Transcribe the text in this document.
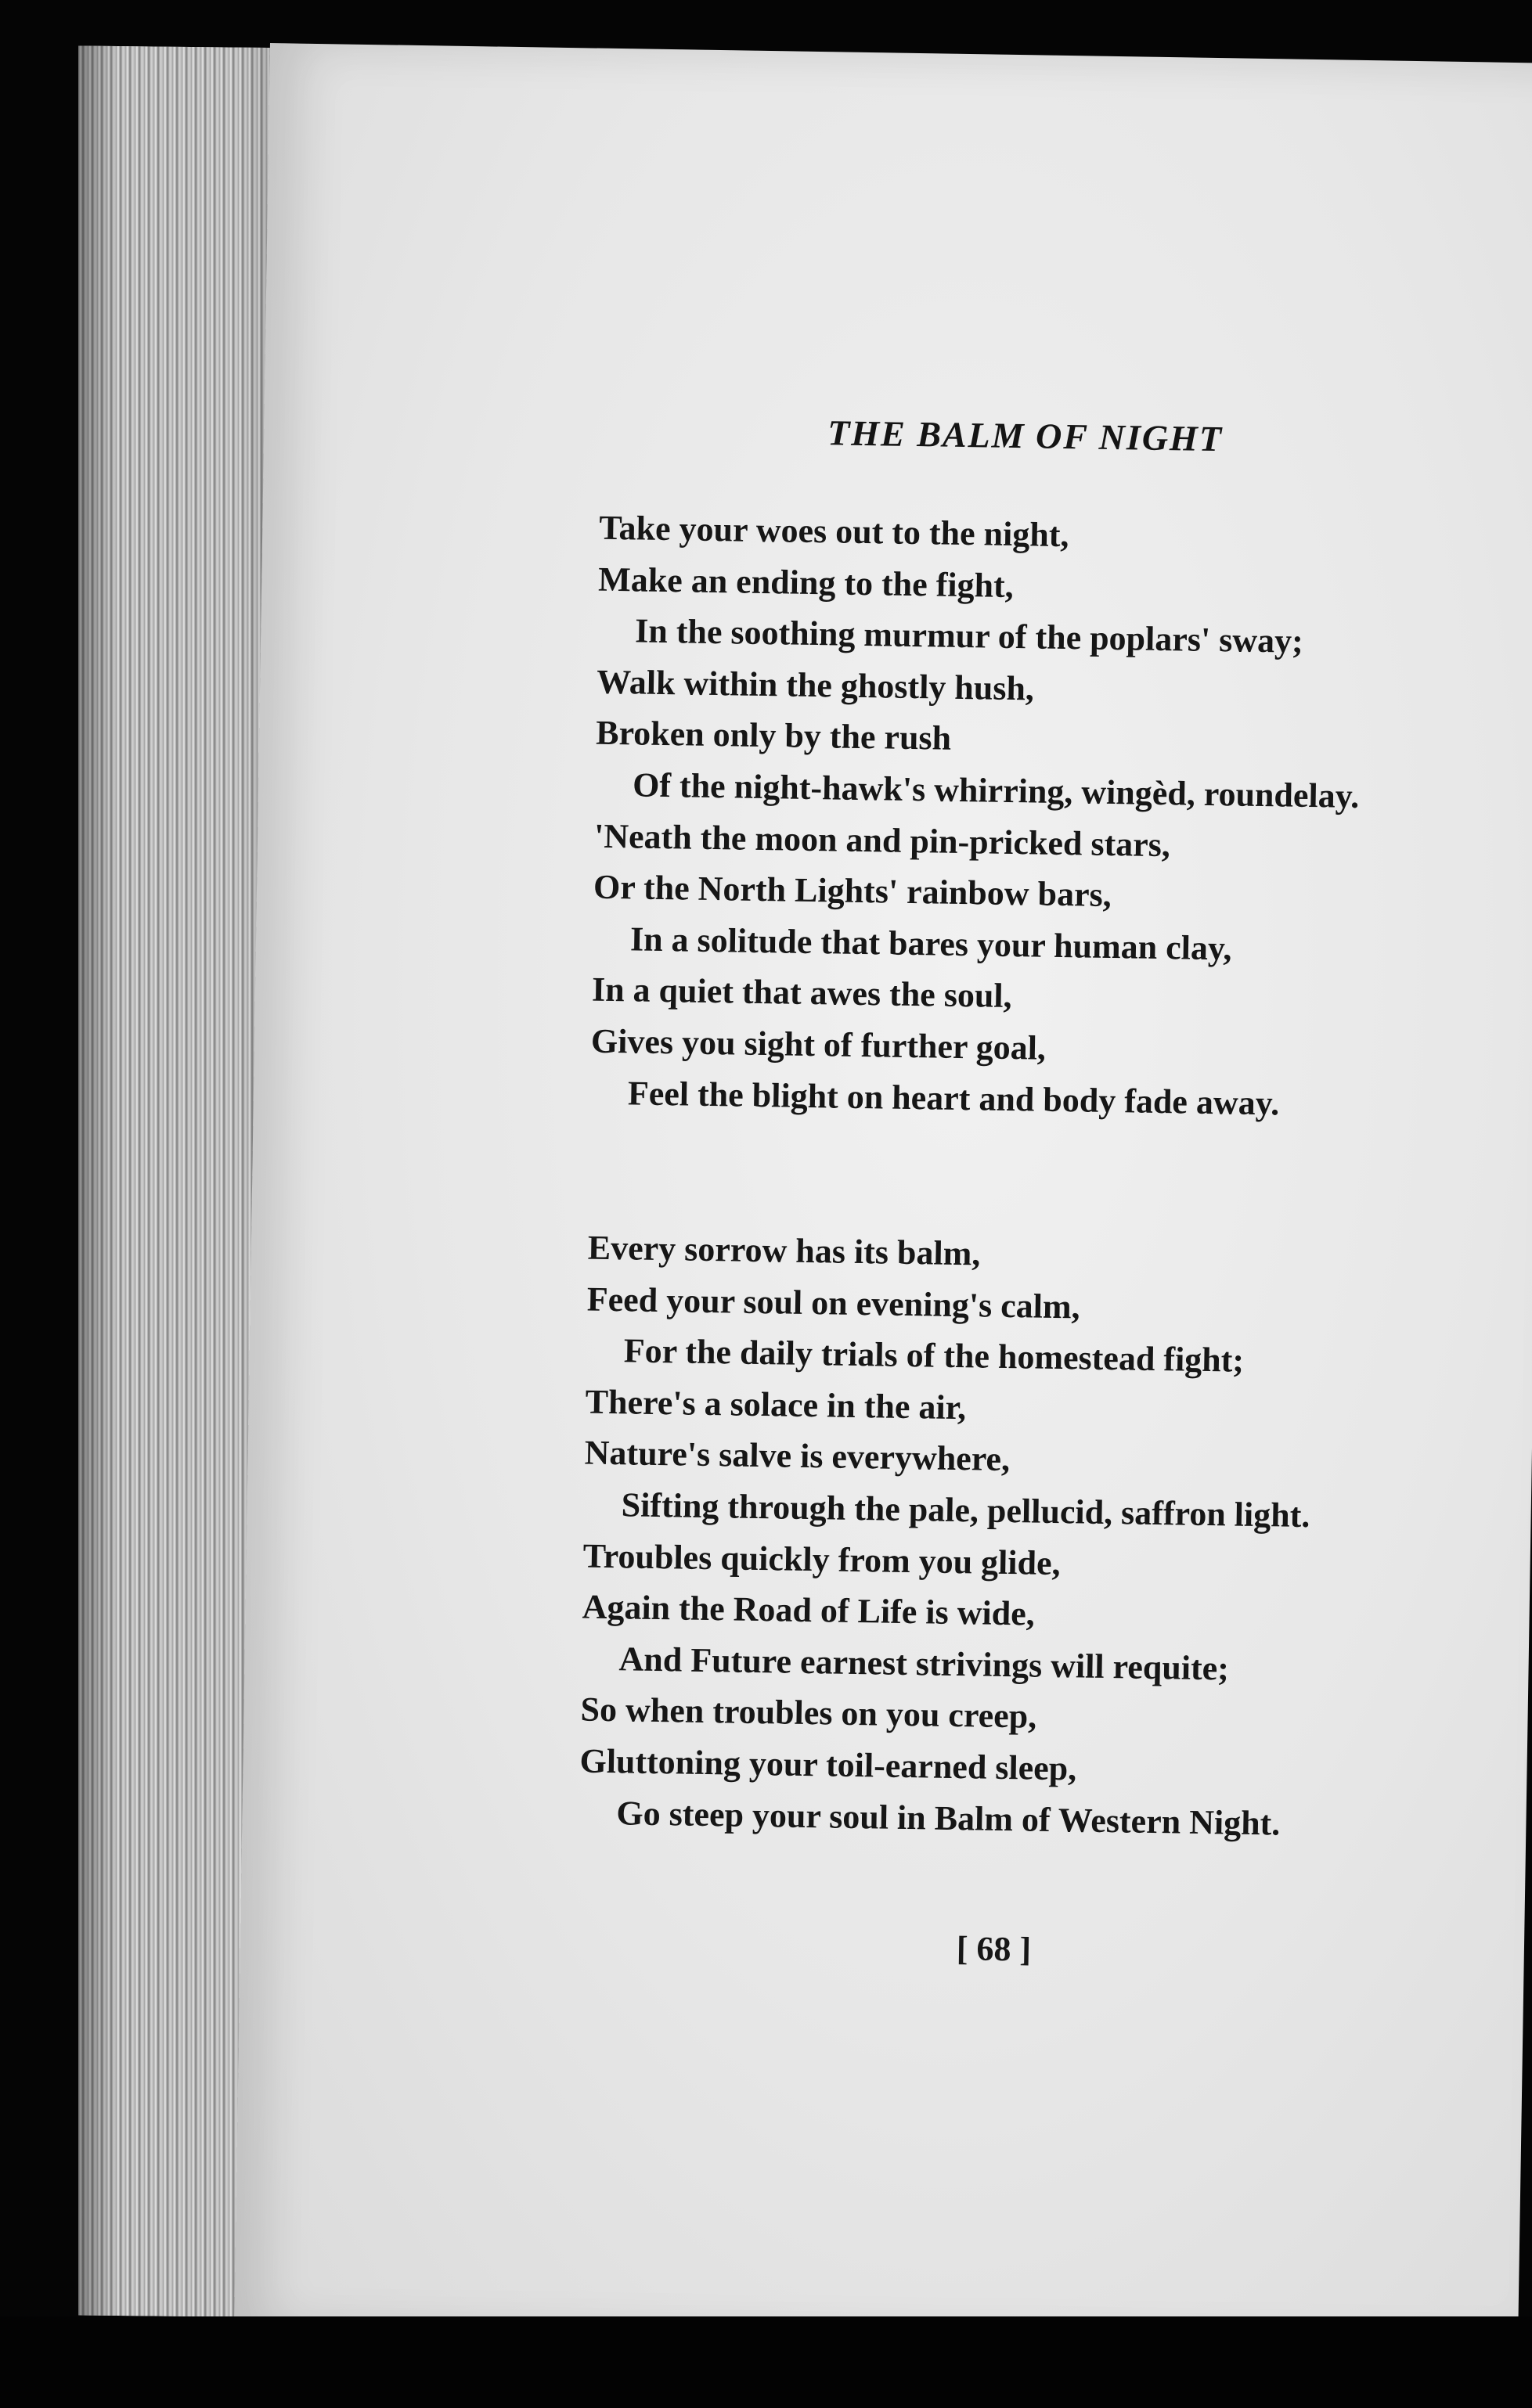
THE BALM OF NIGHT
Take your woes out to the night,
Make an ending to the fight,
In the soothing murmur of the poplars' sway;
Walk within the ghostly hush,
Broken only by the rush
Of the night-hawk's whirring, wingèd, roundelay.
'Neath the moon and pin-pricked stars,
Or the North Lights' rainbow bars,
In a solitude that bares your human clay,
In a quiet that awes the soul,
Gives you sight of further goal,
Feel the blight on heart and body fade away.
Every sorrow has its balm,
Feed your soul on evening's calm,
For the daily trials of the homestead fight;
There's a solace in the air,
Nature's salve is everywhere,
Sifting through the pale, pellucid, saffron light.
Troubles quickly from you glide,
Again the Road of Life is wide,
And Future earnest strivings will requite;
So when troubles on you creep,
Gluttoning your toil-earned sleep,
Go steep your soul in Balm of Western Night.
[ 68 ]
